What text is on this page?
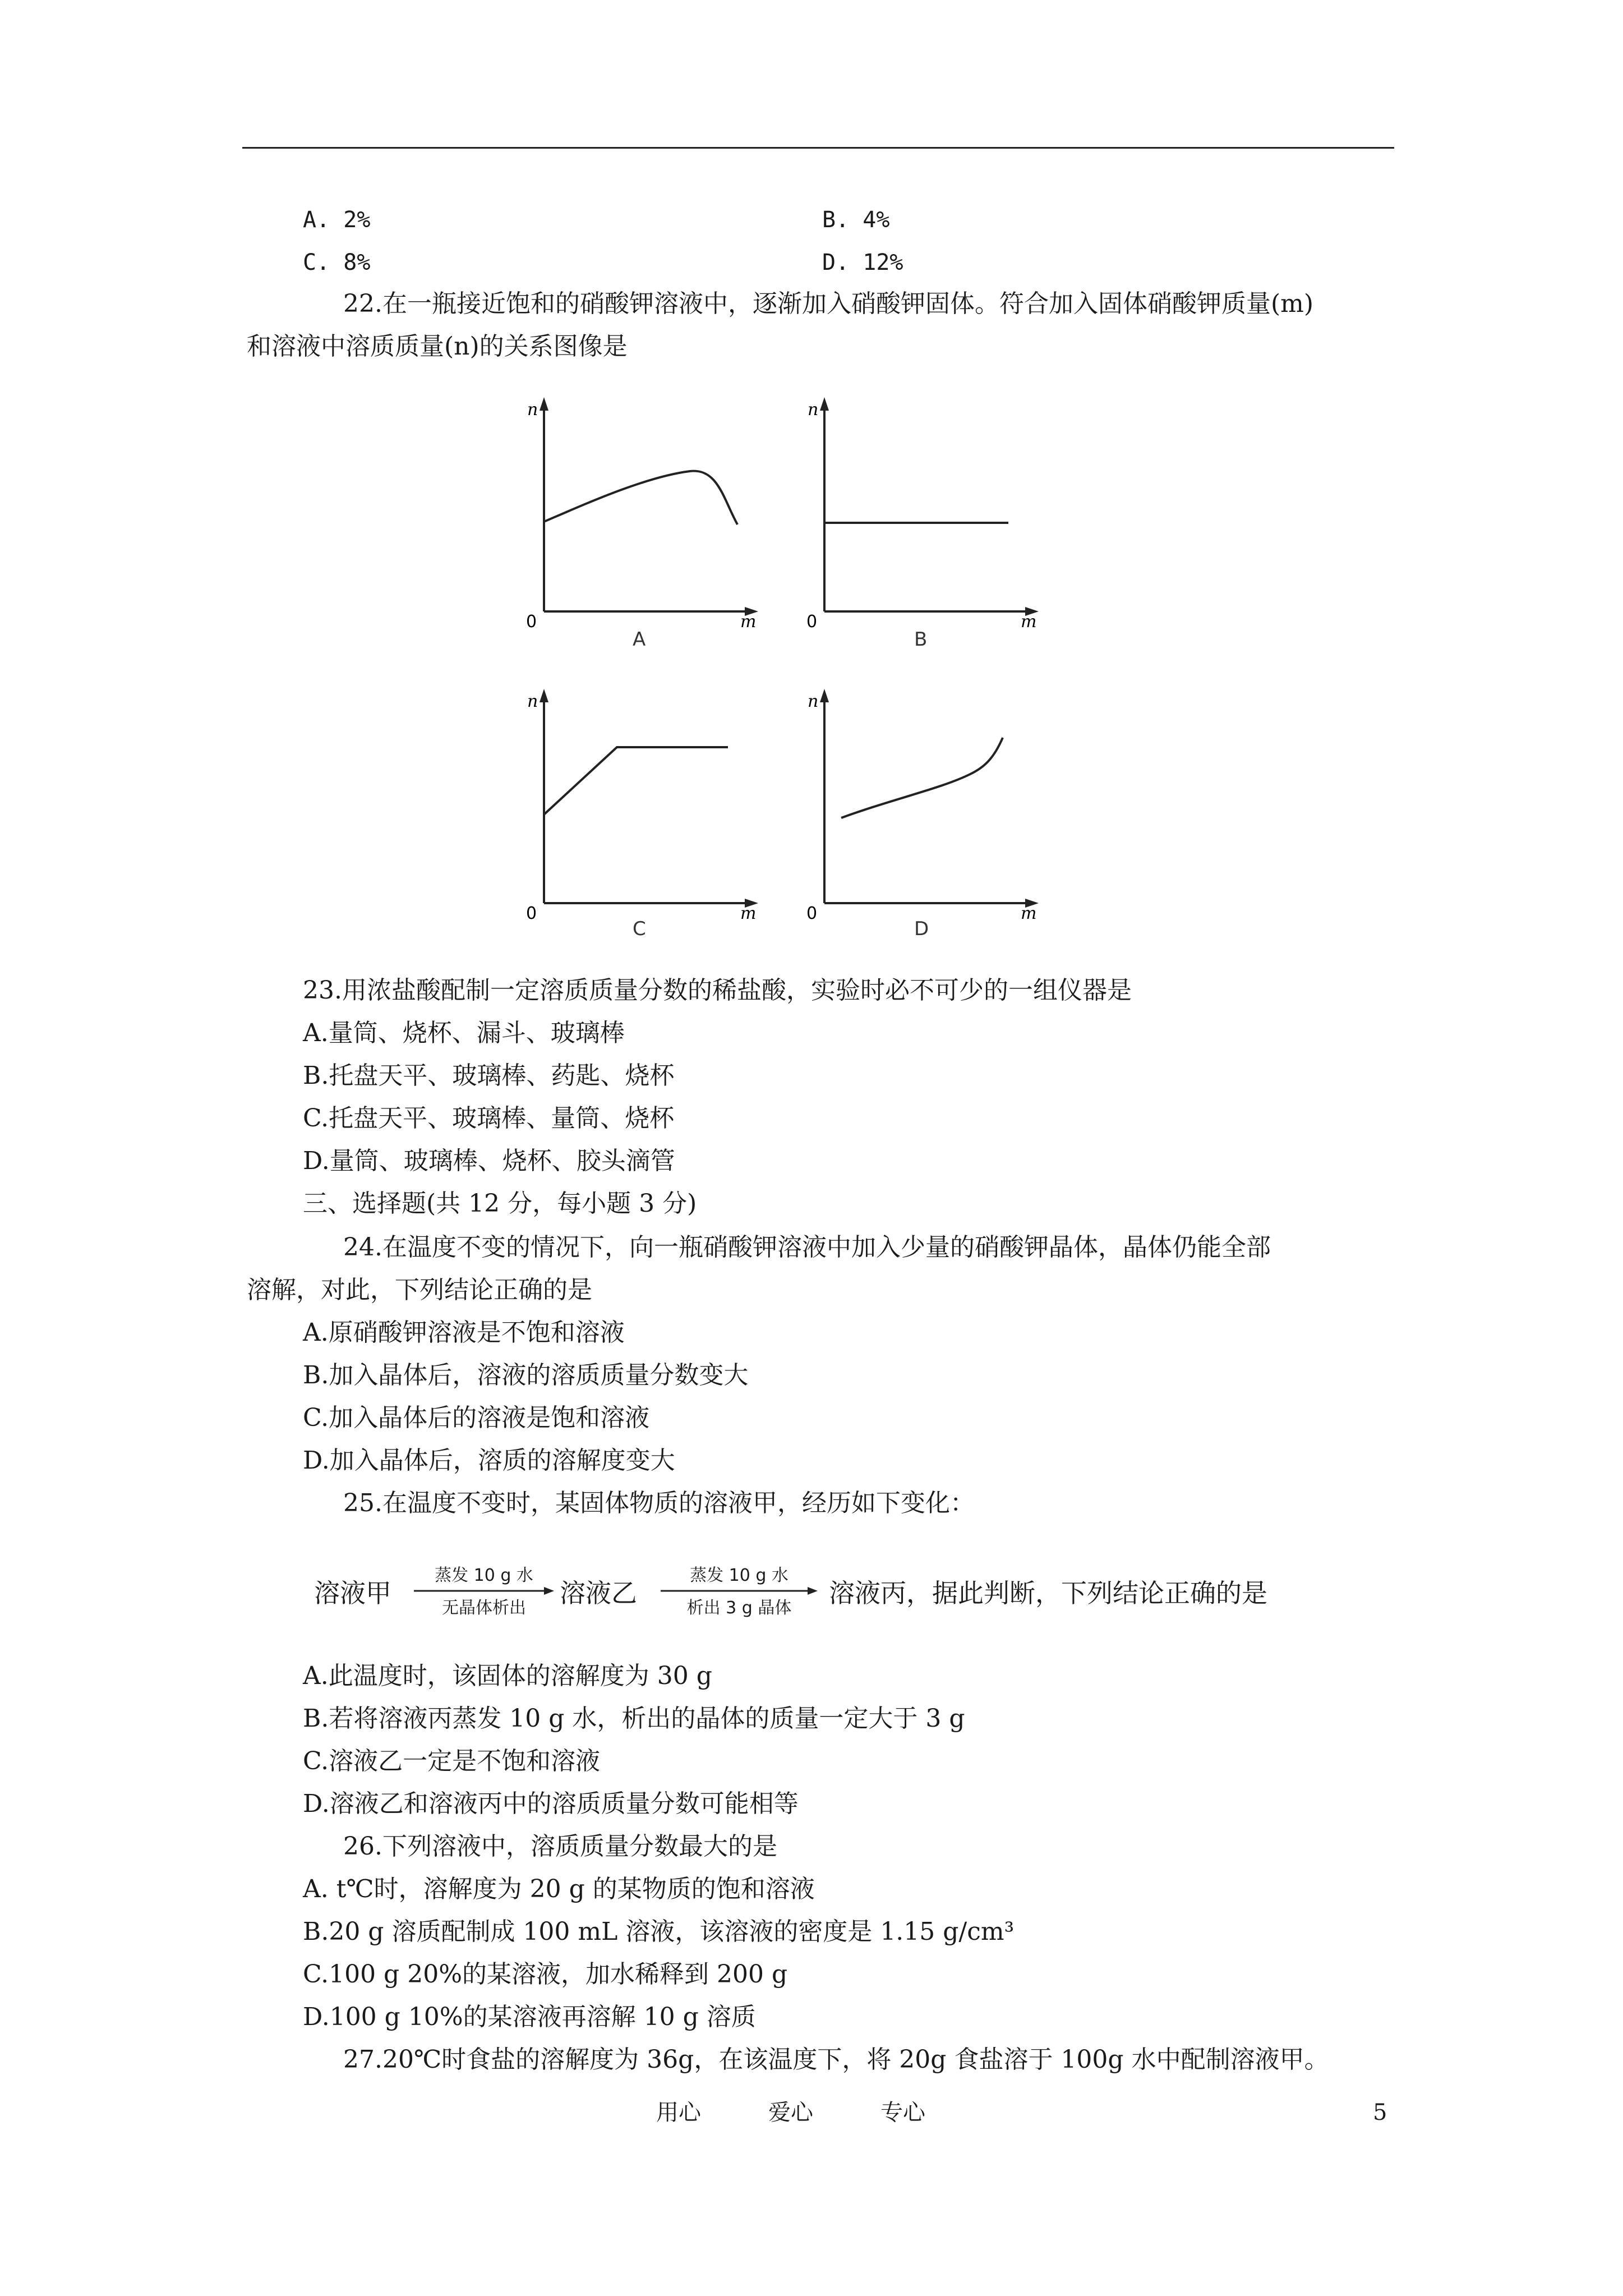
A. 2%	B. 4%
C. 8%	D. 12%
22.在一瓶接近饱和的硝酸钾溶液中，逐渐加入硝酸钾固体。符合加入固体硝酸钾质量(m)
和溶液中溶质质量(n)的关系图像是
n
m
0
A
n
m
0
B
n
m
0
C
n
m
0
D
23.用浓盐酸配制一定溶质质量分数的稀盐酸，实验时必不可少的一组仪器是
A.量筒、烧杯、漏斗、玻璃棒
B.托盘天平、玻璃棒、药匙、烧杯
C.托盘天平、玻璃棒、量筒、烧杯
D.量筒、玻璃棒、烧杯、胶头滴管
三、选择题(共 12 分，每小题 3 分)
24.在温度不变的情况下，向一瓶硝酸钾溶液中加入少量的硝酸钾晶体，晶体仍能全部
溶解，对此，下列结论正确的是
A.原硝酸钾溶液是不饱和溶液
B.加入晶体后，溶液的溶质质量分数变大
C.加入晶体后的溶液是饱和溶液
D.加入晶体后，溶质的溶解度变大
25.在温度不变时，某固体物质的溶液甲，经历如下变化：
溶液甲
蒸发 10 g 水
无晶体析出	溶液乙
蒸发 10 g 水
析出 3 g 晶体	溶液丙，据此判断，下列结论正确的是
A.此温度时，该固体的溶解度为 30 g
B.若将溶液丙蒸发 10 g 水，析出的晶体的质量一定大于 3 g
C.溶液乙一定是不饱和溶液
D.溶液乙和溶液丙中的溶质质量分数可能相等
26.下列溶液中，溶质质量分数最大的是
A. t℃时，溶解度为 20 g 的某物质的饱和溶液
B.20 g 溶质配制成 100 mL 溶液，该溶液的密度是 1.15 g/cm³
C.100 g 20%的某溶液，加水稀释到 200 g
D.100 g 10%的某溶液再溶解 10 g 溶质
27.20℃时食盐的溶解度为 36g，在该温度下，将 20g 食盐溶于 100g 水中配制溶液甲。
用心	爱心	专心	5
